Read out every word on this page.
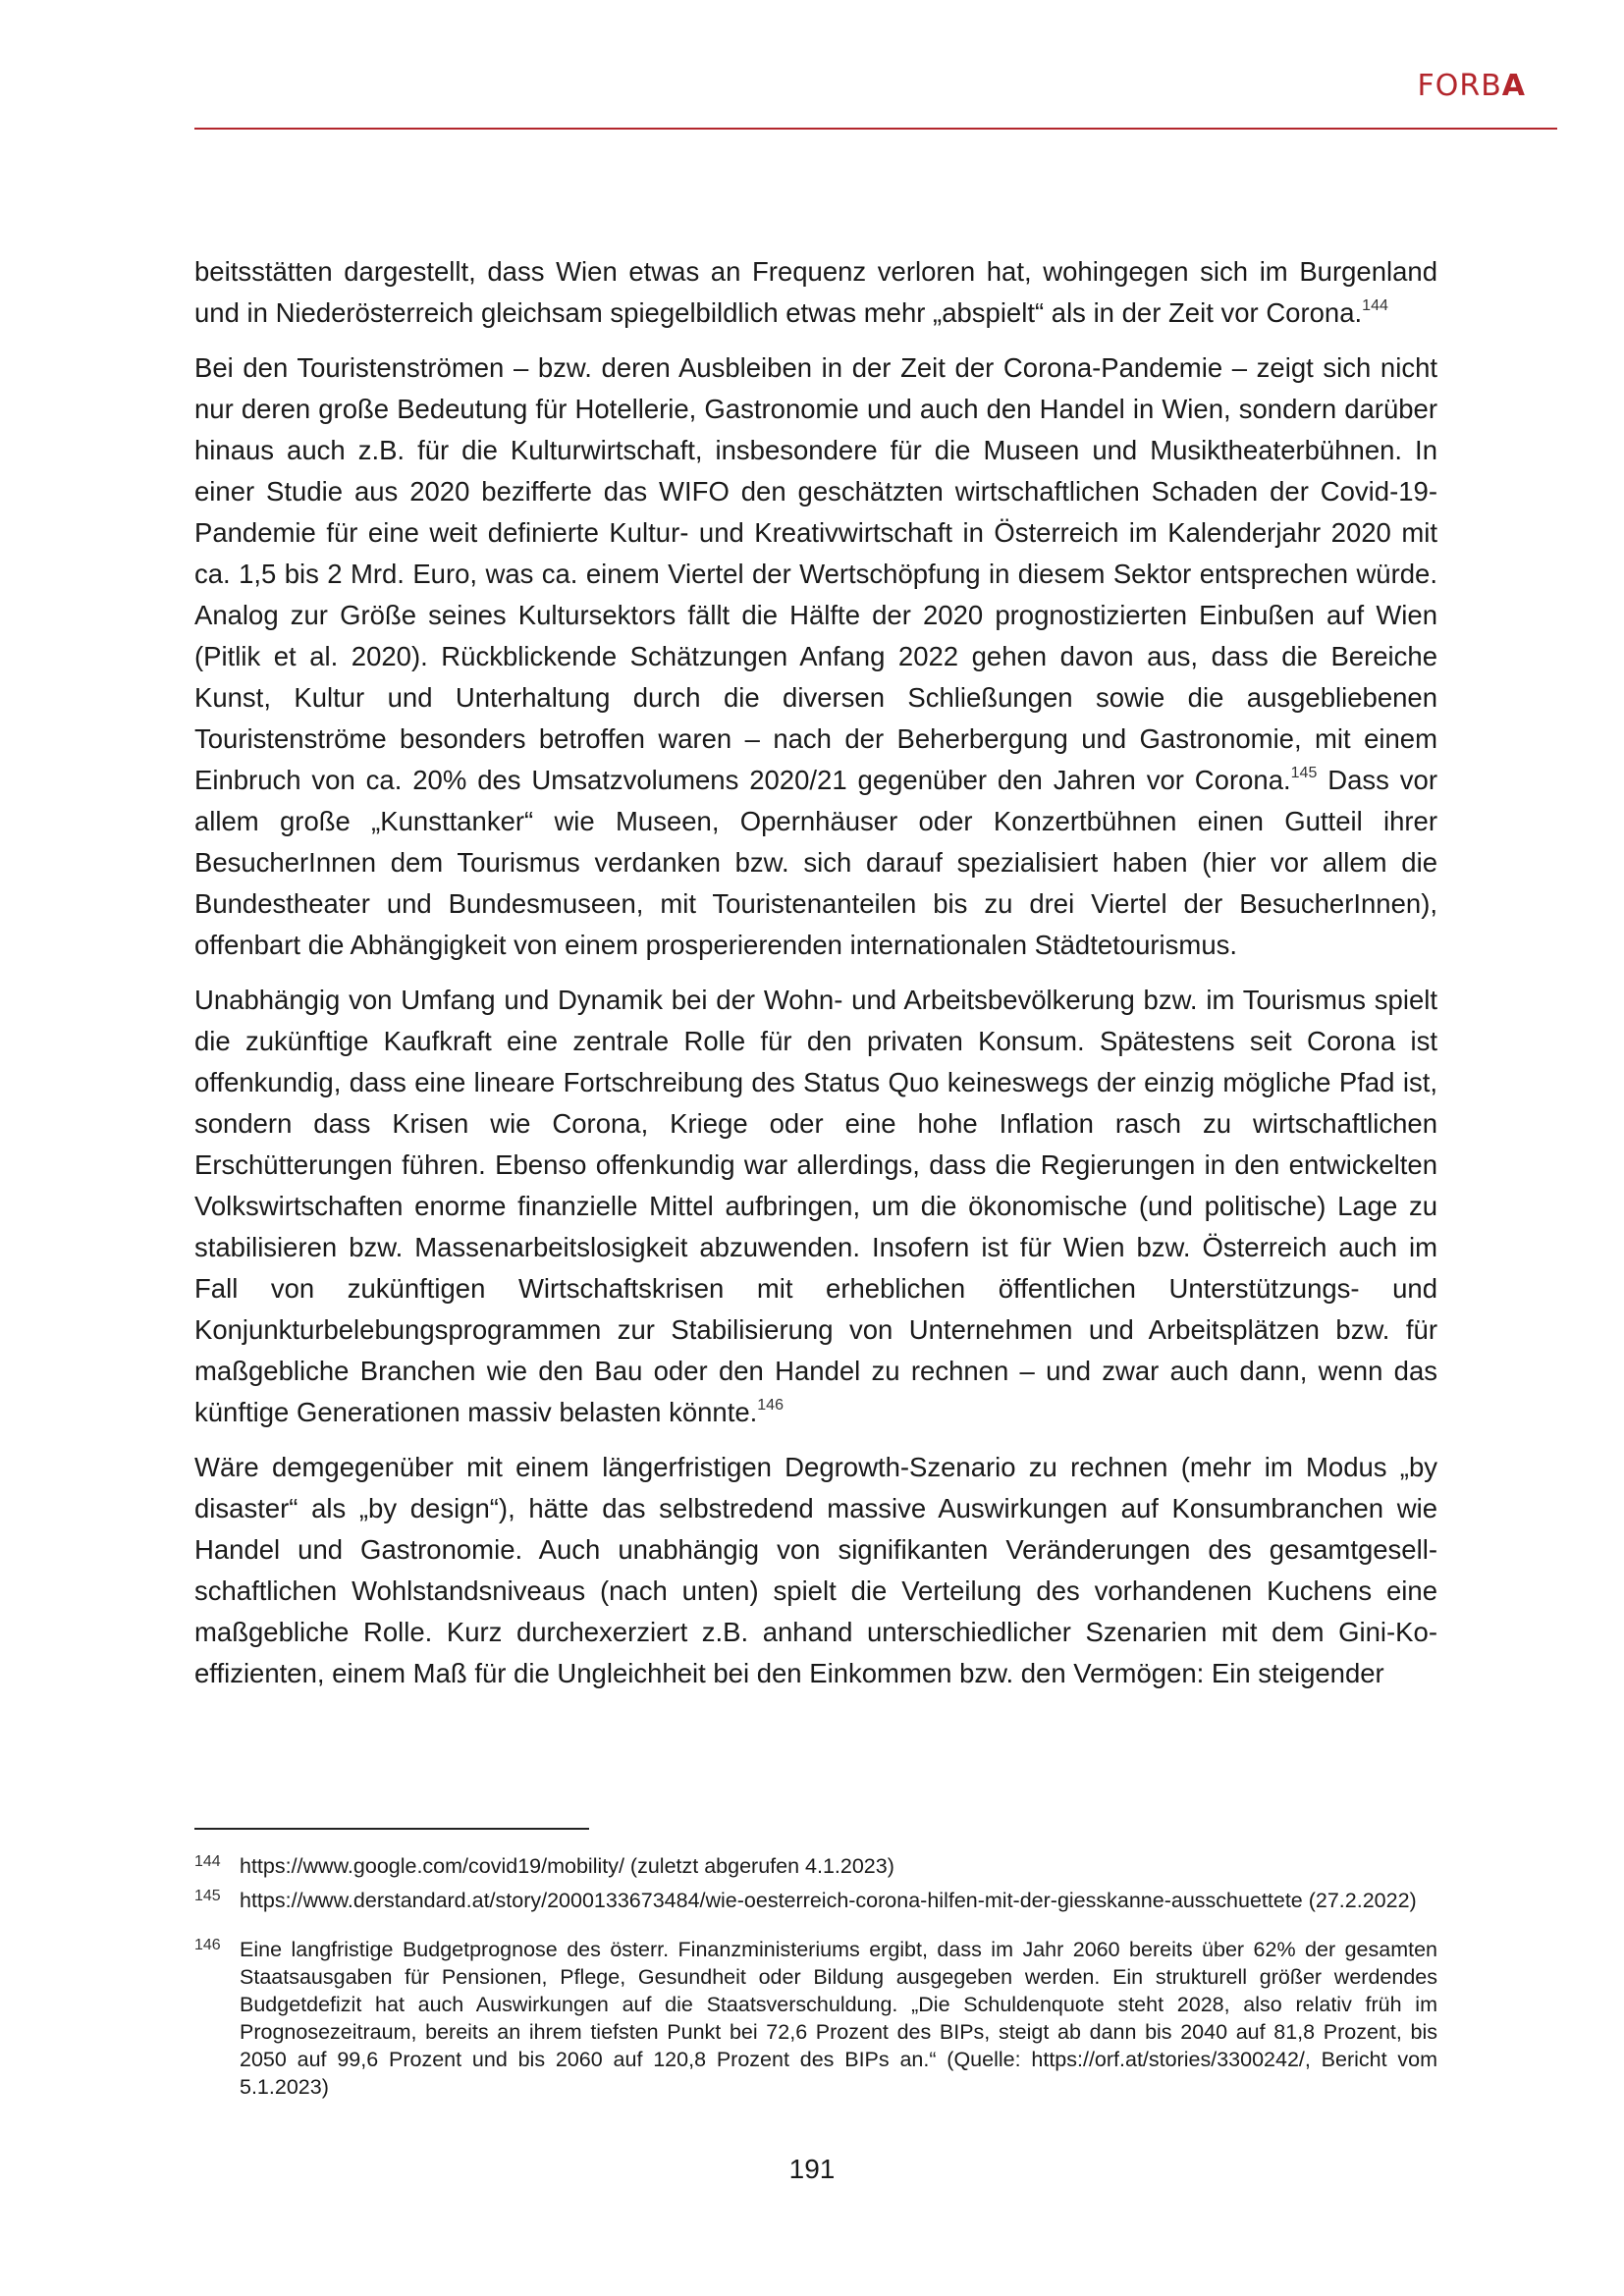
FORBA

beitsstätten dargestellt, dass Wien etwas an Frequenz verloren hat, wohingegen sich im Burgenland und in Niederösterreich gleichsam spiegelbildlich etwas mehr „abspielt“ als in der Zeit vor Corona.$^{144}$

Bei den Touristenströmen – bzw. deren Ausbleiben in der Zeit der Corona-Pandemie – zeigt sich nicht nur deren große Bedeutung für Hotellerie, Gastronomie und auch den Handel in Wien, sondern darüber hinaus auch z.B. für die Kulturwirtschaft, insbesondere für die Museen und Musiktheaterbühnen. In einer Studie aus 2020 bezifferte das WIFO den geschätzten wirtschaftlichen Schaden der Covid-19-Pandemie für eine weit definierte Kultur- und Kreativwirtschaft in Österreich im Kalenderjahr 2020 mit ca. 1,5 bis 2 Mrd. Euro, was ca. einem Viertel der Wertschöpfung in diesem Sektor entsprechen würde. Analog zur Größe seines Kultursektors fällt die Hälfte der 2020 prognostizierten Einbußen auf Wien (Pitlik et al. 2020). Rückblickende Schätzungen Anfang 2022 gehen davon aus, dass die Bereiche Kunst, Kultur und Unterhaltung durch die diversen Schließungen sowie die ausgebliebenen Touristenströme besonders betroffen waren – nach der Beherbergung und Gastronomie, mit einem Einbruch von ca. 20% des Umsatzvolumens 2020/21 gegenüber den Jahren vor Corona.$^{145}$ Dass vor allem große „Kunsttanker“ wie Museen, Opernhäuser oder Konzertbühnen einen Gutteil ihrer BesucherInnen dem Tourismus verdanken bzw. sich darauf spezialisiert haben (hier vor allem die Bundestheater und Bundesmuseen, mit Touristenanteilen bis zu drei Viertel der BesucherInnen), offenbart die Abhängigkeit von einem prosperierenden internationalen Städtetourismus.

Unabhängig von Umfang und Dynamik bei der Wohn- und Arbeitsbevölkerung bzw. im Tourismus spielt die zukünftige Kaufkraft eine zentrale Rolle für den privaten Konsum. Spätestens seit Corona ist offenkundig, dass eine lineare Fortschreibung des Status Quo keineswegs der einzig mögliche Pfad ist, sondern dass Krisen wie Corona, Kriege oder eine hohe Inflation rasch zu wirtschaftlichen Erschütterungen führen. Ebenso offenkundig war allerdings, dass die Regierungen in den entwickelten Volkswirtschaften enorme finanzielle Mittel aufbringen, um die ökonomische (und politische) Lage zu stabilisieren bzw. Massenarbeitslosigkeit abzuwenden. Insofern ist für Wien bzw. Österreich auch im Fall von zukünftigen Wirtschaftskrisen mit erheblichen öffentlichen Unterstützungs- und Konjunkturbelebungsprogrammen zur Stabilisierung von Unternehmen und Arbeitsplätzen bzw. für maßgebliche Branchen wie den Bau oder den Handel zu rechnen – und zwar auch dann, wenn das künftige Generationen massiv belasten könnte.$^{146}$

Wäre demgegenüber mit einem längerfristigen Degrowth-Szenario zu rechnen (mehr im Modus „by disaster“ als „by design“), hätte das selbstredend massive Auswirkungen auf Konsumbranchen wie Handel und Gastronomie. Auch unabhängig von signifikanten Veränderungen des gesamtgesellschaftlichen Wohlstandsniveaus (nach unten) spielt die Verteilung des vorhandenen Kuchens eine maßgebliche Rolle. Kurz durchexerziert z.B. anhand unterschiedlicher Szenarien mit dem Gini-Koeffizienten, einem Maß für die Ungleichheit bei den Einkommen bzw. den Vermögen: Ein steigender

144 https://www.google.com/covid19/mobility/ (zuletzt abgerufen 4.1.2023)
145 https://www.derstandard.at/story/2000133673484/wie-oesterreich-corona-hilfen-mit-der-giesskanne-ausschuettete (27.2.2022)
146 Eine langfristige Budgetprognose des österr. Finanzministeriums ergibt, dass im Jahr 2060 bereits über 62% der gesamten Staatsausgaben für Pensionen, Pflege, Gesundheit oder Bildung ausgegeben werden. Ein strukturell größer werdendes Budgetdefizit hat auch Auswirkungen auf die Staatsverschuldung. „Die Schuldenquote steht 2028, also relativ früh im Prognosezeitraum, bereits an ihrem tiefsten Punkt bei 72,6 Prozent des BIPs, steigt ab dann bis 2040 auf 81,8 Prozent, bis 2050 auf 99,6 Prozent und bis 2060 auf 120,8 Prozent des BIPs an.“ (Quelle: https://orf.at/stories/3300242/, Bericht vom 5.1.2023)
191
